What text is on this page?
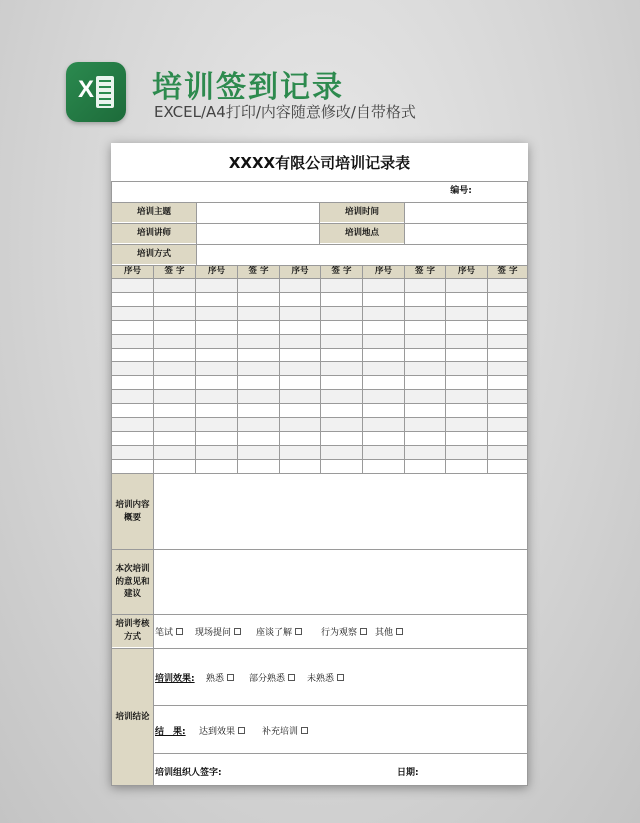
X 培训签到记录
EXCEL/A4打印/内容随意修改/自带格式
XXXX有限公司培训记录表
编号:
培训主题	培训时间
培训讲师	培训地点
培训方式
序号	签 字	序号	签 字	序号	签 字	序号	签 字	序号	签 字
培训内容概要
本次培训的意见和建议
培训考核方式	笔试 现场提问	座谈了解	行为观察 其他
培训结论
培训效果: 熟悉	部分熟悉 未熟悉
结　果: 达到效果	补充培训
培训组织人签字:	日期:
